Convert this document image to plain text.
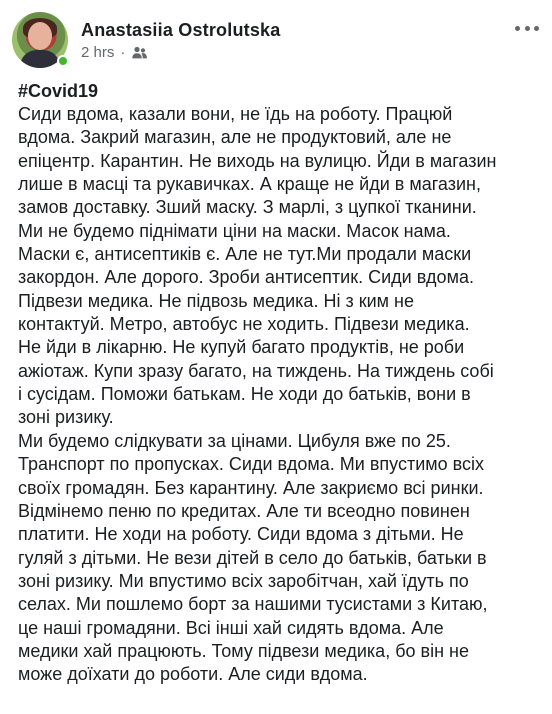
Anastasiia Ostrolutska
2 hrs ·
#Covid19
Сиди вдома, казали вони, не їдь на роботу. Працюй
вдома. Закрий магазин, але не продуктовий, але не
епіцентр. Карантин. Не виходь на вулицю. Йди в магазин
лише в масці та рукавичках. А краще не йди в магазин,
замов доставку. Зший маску. З марлі, з цупкої тканини.
Ми не будемо піднімати ціни на маски. Масок нама.
Маски є, антисептиків є. Але не тут.Ми продали маски
закордон. Але дорого. Зроби антисептик. Сиди вдома.
Підвези медика. Не підвозь медика. Ні з ким не
контактуй. Метро, автобус не ходить. Підвези медика.
Не йди в лікарню. Не купуй багато продуктів, не роби
ажіотаж. Купи зразу багато, на тиждень. На тиждень собі
і сусідам. Поможи батькам. Не ходи до батьків, вони в
зоні ризику.
Ми будемо слідкувати за цінами. Цибуля вже по 25.
Транспорт по пропусках. Сиди вдома. Ми впустимо всіх
своїх громадян. Без карантину. Але закриємо всі ринки.
Відмінемо пеню по кредитах. Але ти всеодно повинен
платити. Не ходи на роботу. Сиди вдома з дітьми. Не
гуляй з дітьми. Не вези дітей в село до батьків, батьки в
зоні ризику. Ми впустимо всіх заробітчан, хай їдуть по
селах. Ми пошлемо борт за нашими тусистами з Китаю,
це наші громадяни. Всі інші хай сидять вдома. Але
медики хай працюють. Тому підвези медика, бо він не
може доїхати до роботи. Але сиди вдома.
